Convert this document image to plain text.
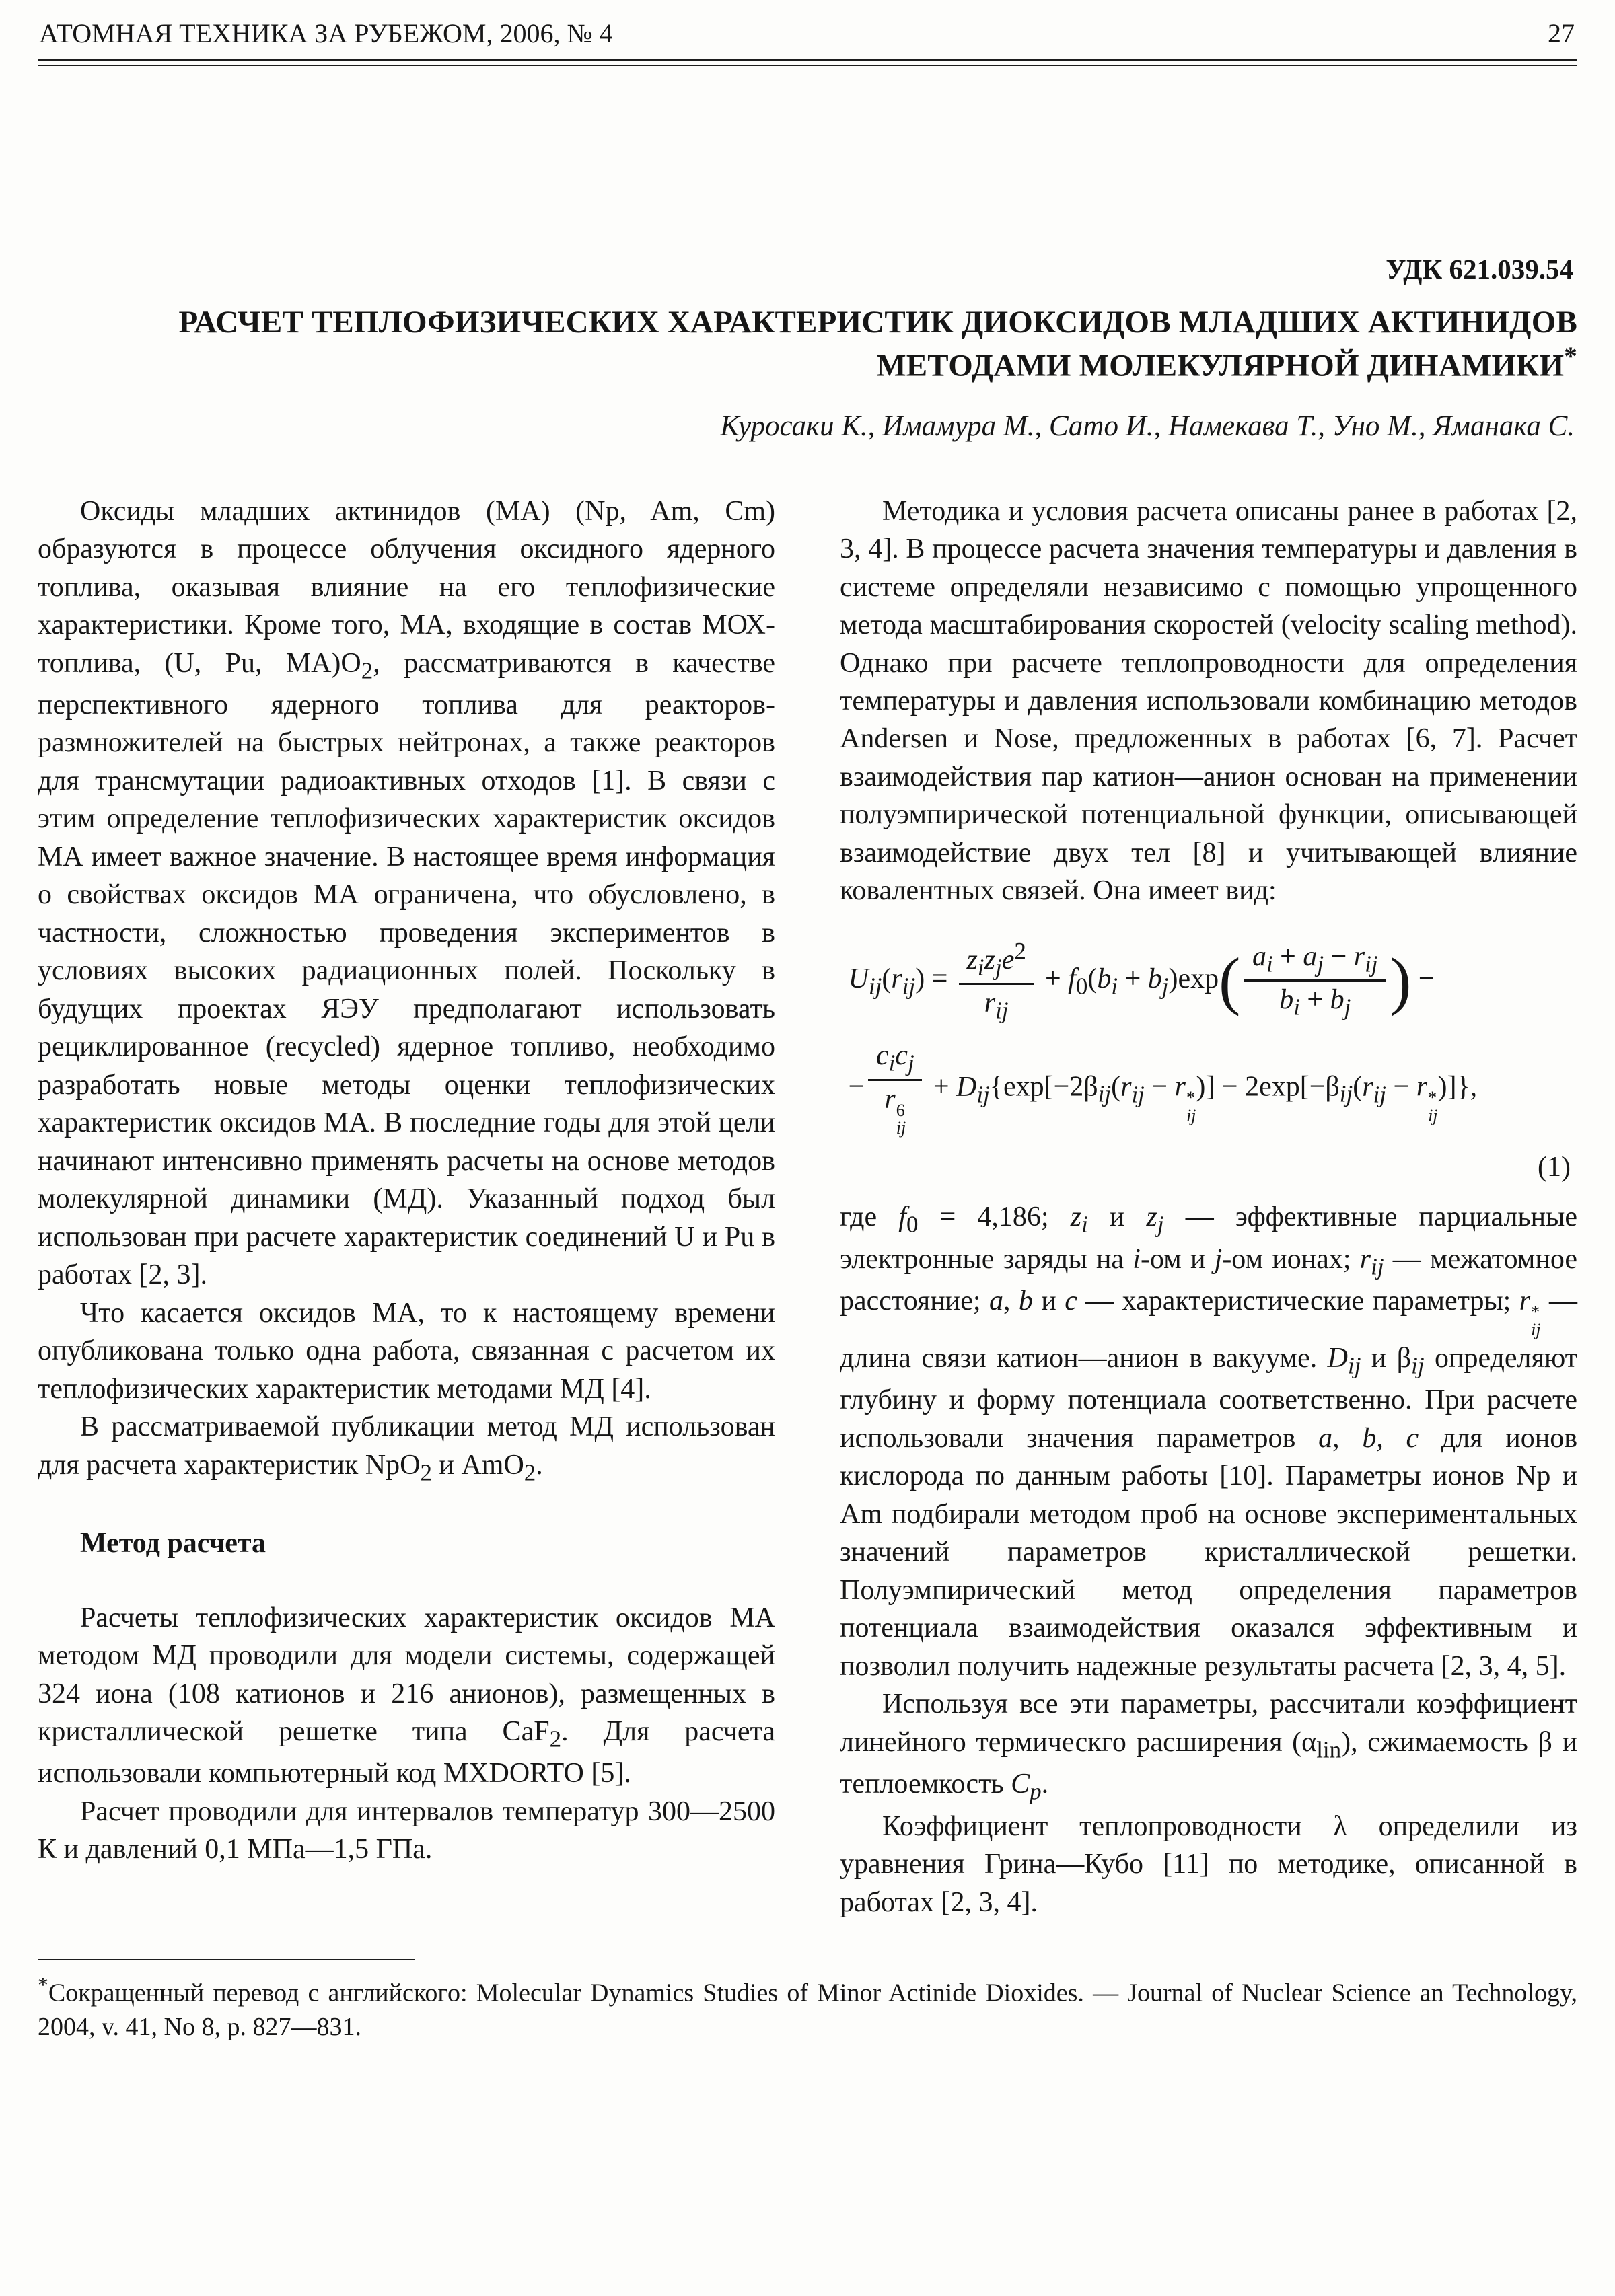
АТОМНАЯ ТЕХНИКА ЗА РУБЕЖОМ, 2006, № 4	27
УДК 621.039.54
РАСЧЕТ ТЕПЛОФИЗИЧЕСКИХ ХАРАКТЕРИСТИК ДИОКСИДОВ МЛАДШИХ АКТИНИДОВ МЕТОДАМИ МОЛЕКУЛЯРНОЙ ДИНАМИКИ*
Куросаки К., Имамура М., Сато И., Намекава Т., Уно М., Яманака С.

Оксиды младших актинидов (МА) (Np, Am, Cm) образуются в процессе облучения оксидного ядерного топлива, оказывая влияние на его теплофизические характеристики. Кроме того, МА, входящие в состав МОХ-топлива, (U, Pu, $МА)O_2$, рассматриваются в качестве перспективного ядерного топлива для реакторов-размножителей на быстрых нейтронах, а также реакторов для трансмутации радиоактивных отходов [1]. В связи с этим определение теплофизических характеристик оксидов МА имеет важное значение. В настоящее время информация о свойствах оксидов МА ограничена, что обусловлено, в частности, сложностью проведения экспериментов в условиях высоких радиационных полей. Поскольку в будущих проектах ЯЭУ предполагают использовать рециклированное (recycled) ядерное топливо, необходимо разработать новые методы оценки теплофизических характеристик оксидов МА. В последние годы для этой цели начинают интенсивно применять расчеты на основе методов молекулярной динамики (МД). Указанный подход был использован при расчете характеристик соединений U и Pu в работах [2, 3].

Что касается оксидов МА, то к настоящему времени опубликована только одна работа, связанная с расчетом их теплофизических характеристик методами МД [4].

В рассматриваемой публикации метод МД использован для расчета характеристик NpO$_2$ и AmO$_2$.

Метод расчета

Расчеты теплофизических характеристик оксидов МА методом МД проводили для модели системы, содержащей 324 иона (108 катионов и 216 анионов), размещенных в кристаллической решетке типа CaF$_2$. Для расчета использовали компьютерный код MXDORTO [5].

Расчет проводили для интервалов температур 300—2500 К и давлений 0,1 МПа—1,5 ГПа.

Методика и условия расчета описаны ранее в работах [2, 3, 4]. В процессе расчета значения температуры и давления в системе определяли независимо с помощью упрощенного метода масштабирования скоростей (velocity scaling method). Однако при расчете теплопроводности для определения температуры и давления использовали комбинацию методов Andersen и Nose, предложенных в работах [6, 7]. Расчет взаимодействия пар катион—анион основан на применении полуэмпирической потенциальной функции, описывающей взаимодействие двух тел [8] и учитывающей влияние ковалентных связей. Она имеет вид:

$U_{ij}(r_{ij}) = \frac{z_iz_je^2}{r_{ij}} + f_0(b_i + b_j)\exp( \frac{a_i + a_j - r_{ij}}{b_i + b_j}$ ) −
− $c_ic_j$
r 6
ij + $D_{ij}\{\exp[-2\beta_{ij}(r_{ij} - r$ *
ij
)] − $2\exp[-\beta_{ij}(r_{ij} - r$ *
ij
)]},
(1)

где $f_0 = 4,186$; $z_i$ и $z_j$ — эффективные парциальные электронные заряды на i-ом и j-ом ионах; $r_{ij}$ — межатомное расстояние; a, b и c — характеристические параметры; r *
ij
— длина связи катион—анион в вакууме. $D_{ij}$ и $\beta_{ij}$ определяют глубину и форму потенциала соответственно. При расчете использовали значения параметров a, b, c для ионов кислорода по данным работы [10]. Параметры ионов Np и Am подбирали методом проб на основе экспериментальных значений параметров кристаллической решетки. Полуэмпирический метод определения параметров потенциала взаимодействия оказался эффективным и позволил получить надежные результаты расчета [2, 3, 4, 5].

Используя все эти параметры, рассчитали коэффициент линейного термическго расширения $(\alpha_{lin})$, сжимаемость β и теплоемкость $C_p$.

Коэффициент теплопроводности λ определили из уравнения Грина—Кубо [11] по методике, описанной в работах [2, 3, 4].

*Сокращенный перевод с английского: Molecular Dynamics Studies of Minor Actinide Dioxides. — Journal of Nuclear Science an Technology, 2004, v. 41, No 8, p. 827—831.
